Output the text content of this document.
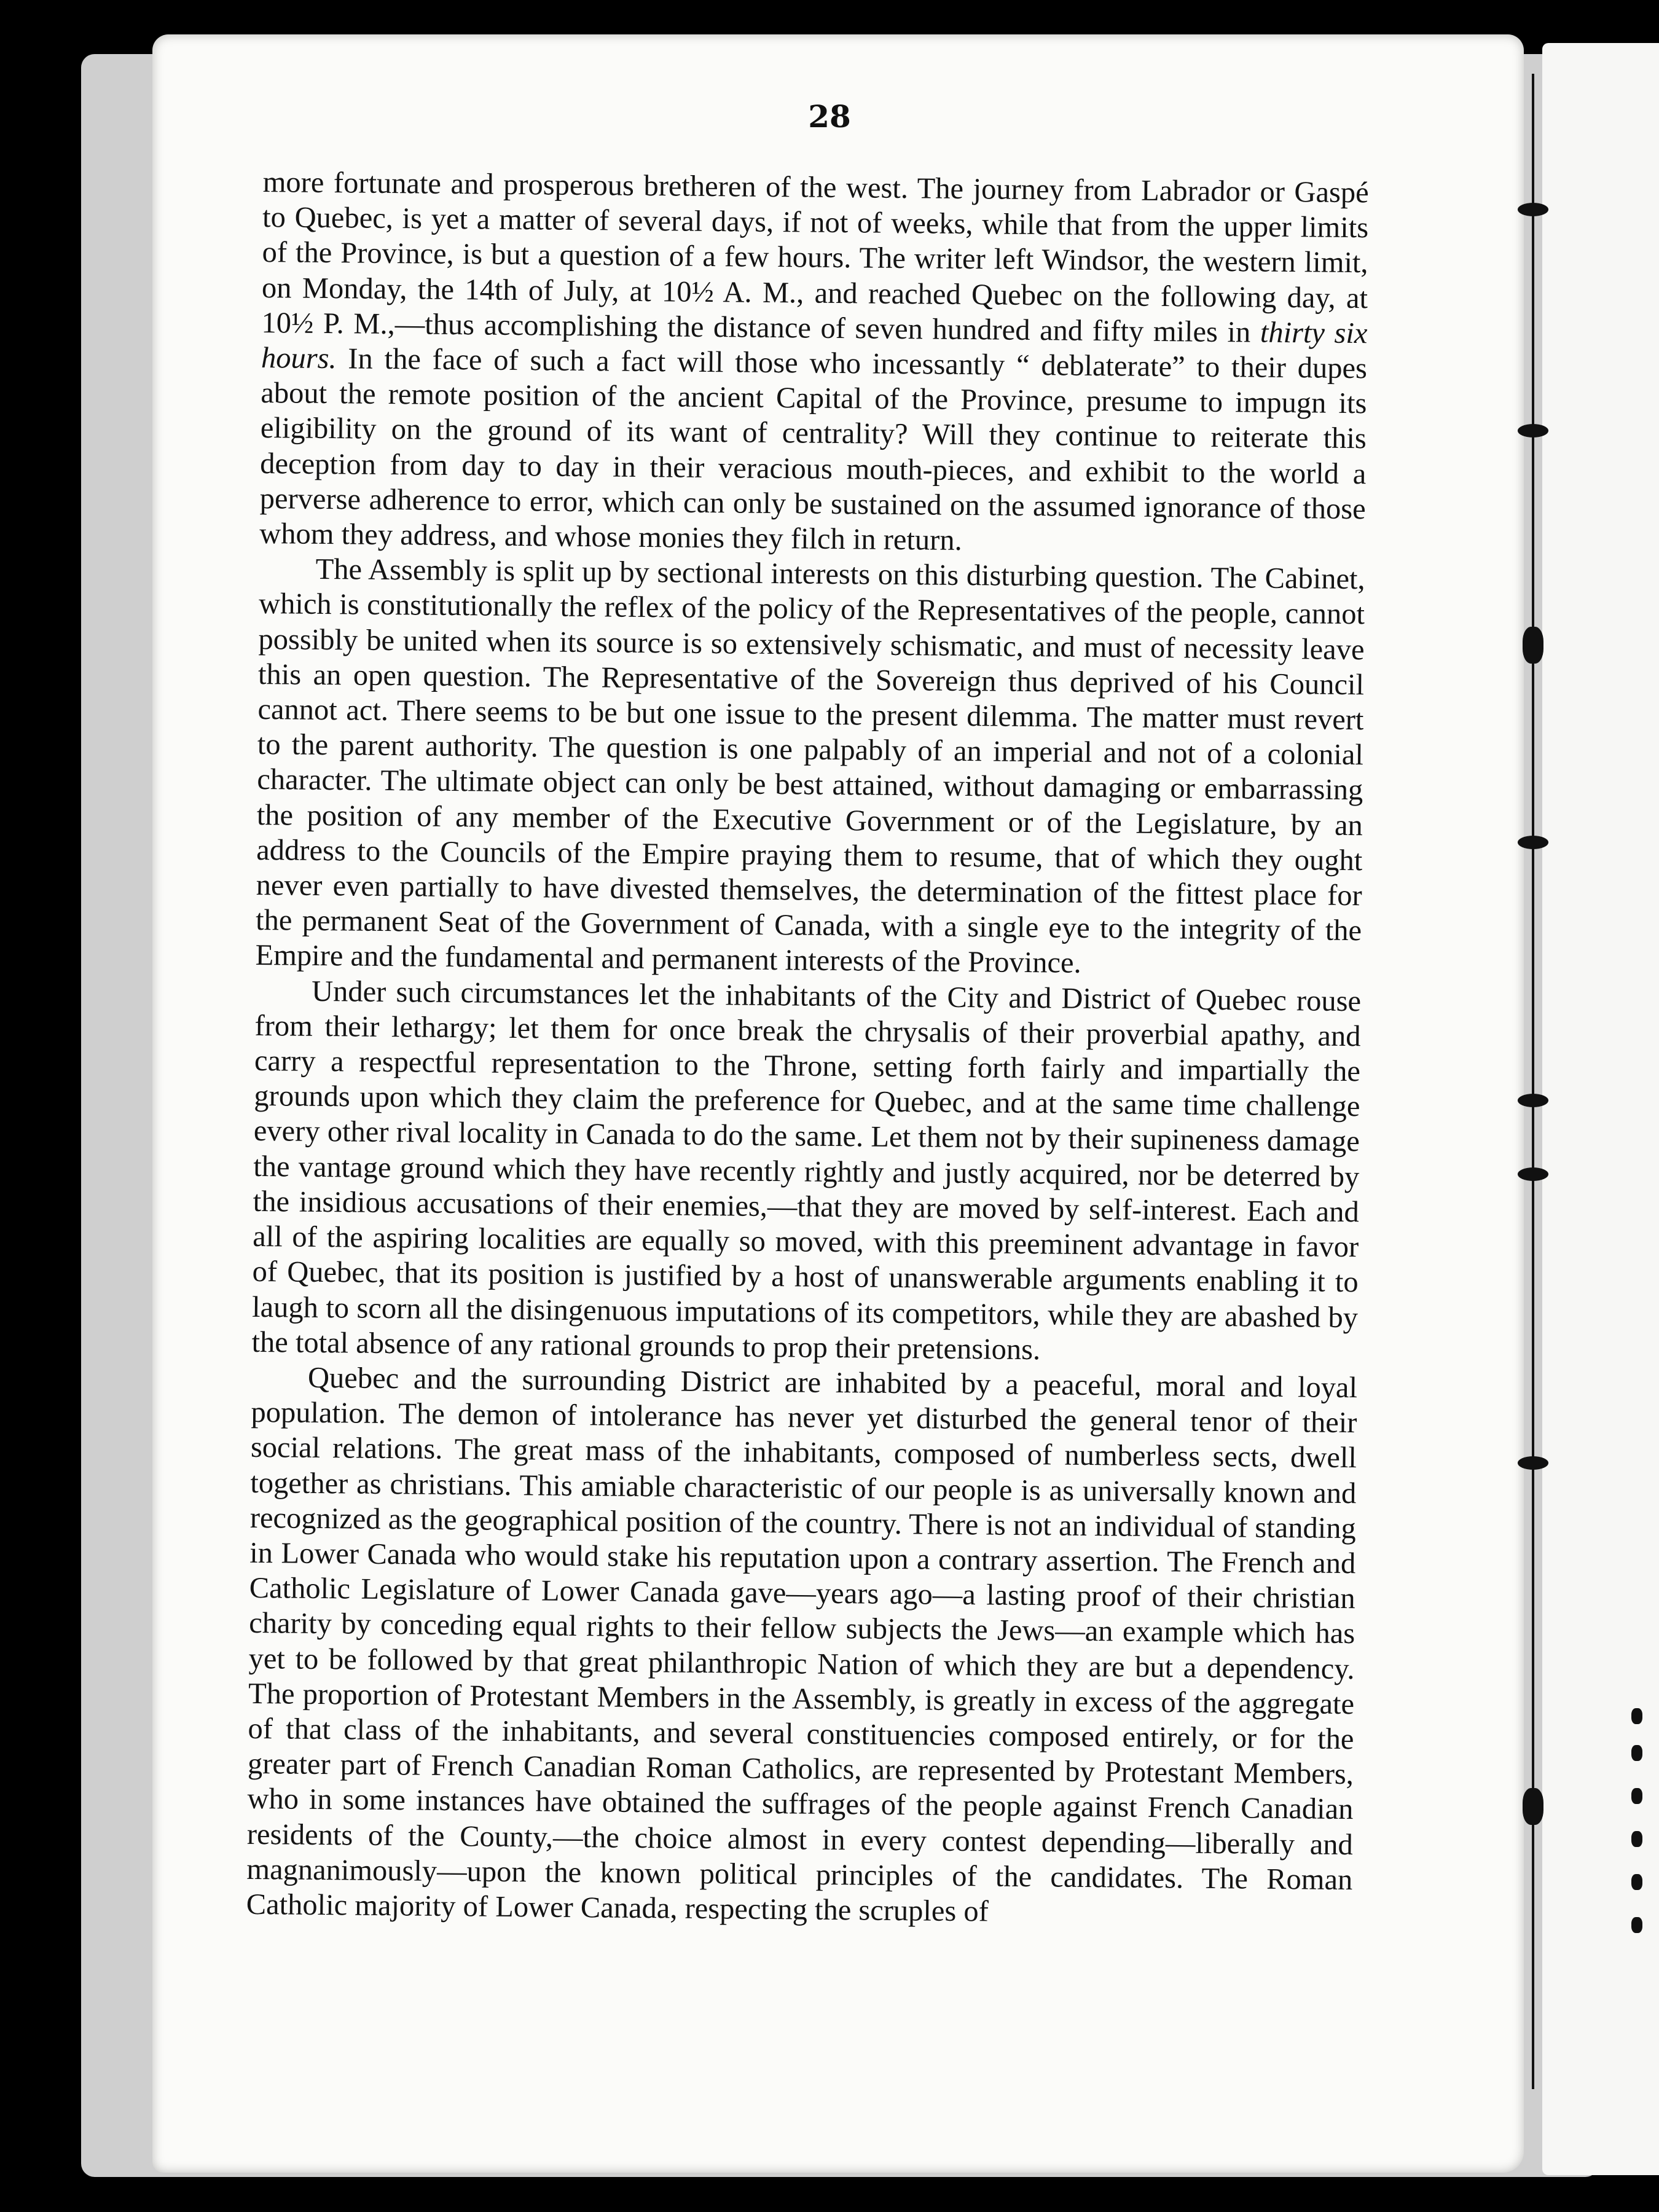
28

more fortunate and prosperous bretheren of the west. The journey from Labrador or Gaspé to Quebec, is yet a matter of several days, if not of weeks, while that from the upper limits of the Province, is but a question of a few hours. The writer left Windsor, the western limit, on Monday, the 14th of July, at 10½ A. M., and reached Quebec on the following day, at 10½ P. M.,—thus accomplishing the distance of seven hundred and fifty miles in thirty six hours. In the face of such a fact will those who incessantly “ deblaterate” to their dupes about the remote position of the ancient Capital of the Province, presume to impugn its eligibility on the ground of its want of centrality? Will they continue to reiterate this deception from day to day in their veracious mouth-pieces, and exhibit to the world a perverse adherence to error, which can only be sustained on the assumed ignorance of those whom they address, and whose monies they filch in return.

The Assembly is split up by sectional interests on this disturbing question. The Cabinet, which is constitutionally the reflex of the policy of the Representatives of the people, cannot possibly be united when its source is so extensively schismatic, and must of necessity leave this an open question. The Representative of the Sovereign thus deprived of his Council cannot act. There seems to be but one issue to the present dilemma. The matter must revert to the parent authority. The question is one palpably of an imperial and not of a colonial character. The ultimate object can only be best attained, without damaging or embarrassing the position of any member of the Executive Government or of the Legislature, by an address to the Councils of the Empire praying them to resume, that of which they ought never even partially to have divested themselves, the determination of the fittest place for the permanent Seat of the Government of Canada, with a single eye to the integrity of the Empire and the fundamental and permanent interests of the Province.

Under such circumstances let the inhabitants of the City and District of Quebec rouse from their lethargy; let them for once break the chrysalis of their proverbial apathy, and carry a respectful representation to the Throne, setting forth fairly and impartially the grounds upon which they claim the preference for Quebec, and at the same time challenge every other rival locality in Canada to do the same. Let them not by their supineness damage the vantage ground which they have recently rightly and justly acquired, nor be deterred by the insidious accusations of their enemies,—that they are moved by self-interest. Each and all of the aspiring localities are equally so moved, with this preeminent advantage in favor of Quebec, that its position is justified by a host of unanswerable arguments enabling it to laugh to scorn all the disingenuous imputations of its competitors, while they are abashed by the total absence of any rational grounds to prop their pretensions.

Quebec and the surrounding District are inhabited by a peaceful, moral and loyal population. The demon of intolerance has never yet disturbed the general tenor of their social relations. The great mass of the inhabitants, composed of numberless sects, dwell together as christians. This amiable characteristic of our people is as universally known and recognized as the geographical position of the country. There is not an individual of standing in Lower Canada who would stake his reputation upon a contrary assertion. The French and Catholic Legislature of Lower Canada gave—years ago—a lasting proof of their christian charity by conceding equal rights to their fellow subjects the Jews—an example which has yet to be followed by that great philanthropic Nation of which they are but a dependency. The proportion of Protestant Members in the Assembly, is greatly in excess of the aggregate of that class of the inhabitants, and several constituencies composed entirely, or for the greater part of French Canadian Roman Catholics, are represented by Protestant Members, who in some instances have obtained the suffrages of the people against French Canadian residents of the County,—the choice almost in every contest depending—liberally and magnanimously—upon the known political principles of the candidates. The Roman Catholic majority of Lower Canada, respecting the scruples of
